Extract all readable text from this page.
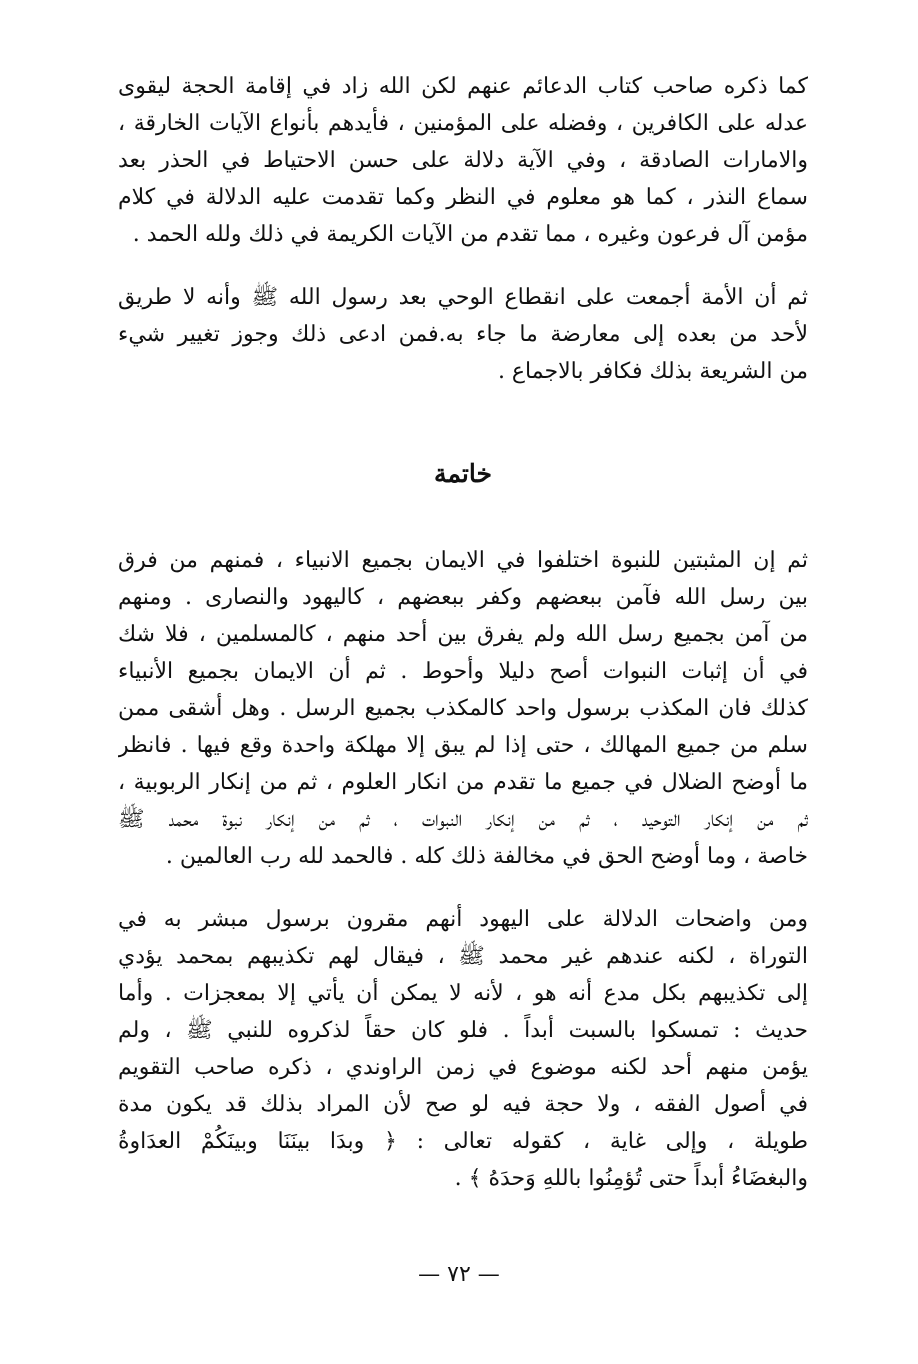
كما ذكره صاحب كتاب الدعائم عنهم لكن الله زاد في إقامة الحجة ليقوى
عدله على الكافرين ، وفضله على المؤمنين ، فأيدهم بأنواع الآيات الخارقة ،
والامارات الصادقة ، وفي الآية دلالة على حسن الاحتياط في الحذر بعد
سماع النذر ، كما هو معلوم في النظر وكما تقدمت عليه الدلالة في كلام
مؤمن آل فرعون وغيره ، مما تقدم من الآيات الكريمة في ذلك ولله الحمد .
ثم أن الأمة أجمعت على انقطاع الوحي بعد رسول الله ﷺ وأنه لا طريق
لأحد من بعده إلى معارضة ما جاء به.فمن ادعى ذلك وجوز تغيير شيء
من الشريعة بذلك فكافر بالاجماع .
خاتمة
ثم إن المثبتين للنبوة اختلفوا في الايمان بجميع الانبياء ، فمنهم من فرق
بين رسل الله فآمن ببعضهم وكفر ببعضهم ، كاليهود والنصارى . ومنهم
من آمن بجميع رسل الله ولم يفرق بين أحد منهم ، كالمسلمين ، فلا شك
في أن إثبات النبوات أصح دليلا وأحوط . ثم أن الايمان بجميع الأنبياء
كذلك فان المكذب برسول واحد كالمكذب بجميع الرسل . وهل أشقى ممن
سلم من جميع المهالك ، حتى إذا لم يبق إلا مهلكة واحدة وقع فيها . فانظر
ما أوضح الضلال في جميع ما تقدم من انكار العلوم ، ثم من إنكار الربوبية ،
ثم من إنكار التوحيد ، ثم من إنكار النبوات ، ثم من إنكار نبوة محمد ﷺ
خاصة ، وما أوضح الحق في مخالفة ذلك كله . فالحمد لله رب العالمين .
ومن واضحات الدلالة على اليهود أنهم مقرون برسول مبشر به في
التوراة ، لكنه عندهم غير محمد ﷺ ، فيقال لهم تكذيبهم بمحمد يؤدي
إلى تكذيبهم بكل مدع أنه هو ، لأنه لا يمكن أن يأتي إلا بمعجزات . وأما
حديث : تمسكوا بالسبت أبداً . فلو كان حقاً لذكروه للنبي ﷺ ، ولم
يؤمن منهم أحد لكنه موضوع في زمن الراوندي ، ذكره صاحب التقويم
في أصول الفقه ، ولا حجة فيه لو صح لأن المراد بذلك قد يكون مدة
طويلة ، وإلى غاية ، كقوله تعالى : ﴿ وبدَا بينَنَا وبينَكُمْ العدَاوةُ
والبغضَاءُ أبداً حتى تُؤمِنُوا باللهِ وَحدَهُ ﴾ .
— ٧٢ —
